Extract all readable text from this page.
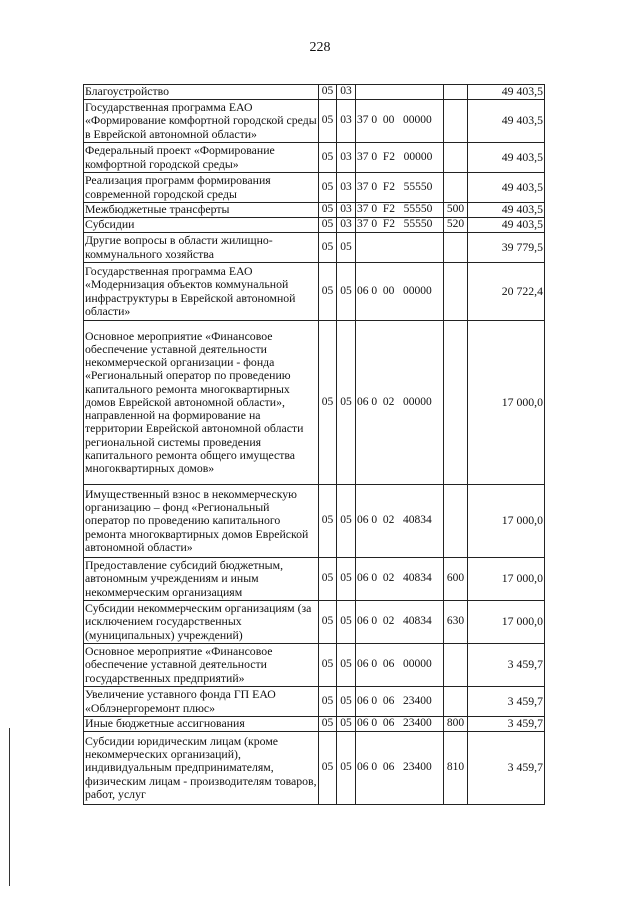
228
Благоустройство	05	03			49 403,5
Государственная программа ЕАО «Формирование комфортной городской среды в Еврейской автономной области»	05	03	37 0  00   00000		49 403,5
Федеральный проект «Формирование комфортной городской среды»	05	03	37 0  F2   00000		49 403,5
Реализация программ формирования современной городской среды	05	03	37 0  F2   55550		49 403,5
Межбюджетные трансферты	05	03	37 0  F2   55550	500	49 403,5
Субсидии	05	03	37 0  F2   55550	520	49 403,5
Другие вопросы в области жилищно-коммунального хозяйства	05	05			39 779,5
Государственная программа ЕАО «Модернизация объектов коммунальной инфраструктуры в Еврейской автономной области»	05	05	06 0  00   00000		20 722,4
Основное мероприятие «Финансовое обеспечение уставной деятельности некоммерческой организации - фонда «Региональный оператор по проведению капитального ремонта многоквартирных домов Еврейской автономной области», направленной на формирование на территории Еврейской автономной области региональной системы проведения капитального ремонта общего имущества многоквартирных домов»	05	05	06 0  02   00000		17 000,0
Имущественный взнос в некоммерческую организацию – фонд «Региональный оператор по проведению капитального ремонта многоквартирных домов Еврейской автономной области»	05	05	06 0  02   40834		17 000,0
Предоставление субсидий бюджетным, автономным учреждениям и иным некоммерческим организациям	05	05	06 0  02   40834	600	17 000,0
Субсидии некоммерческим организациям (за исключением государственных (муниципальных) учреждений)	05	05	06 0  02   40834	630	17 000,0
Основное мероприятие «Финансовое обеспечение уставной деятельности государственных предприятий»	05	05	06 0  06   00000		3 459,7
Увеличение уставного фонда ГП ЕАО «Облэнергоремонт плюс»	05	05	06 0  06   23400		3 459,7
Иные бюджетные ассигнования	05	05	06 0  06   23400	800	3 459,7
Субсидии юридическим лицам (кроме некоммерческих организаций), индивидуальным предпринимателям, физическим лицам - производителям товаров, работ, услуг	05	05	06 0  06   23400	810	3 459,7
